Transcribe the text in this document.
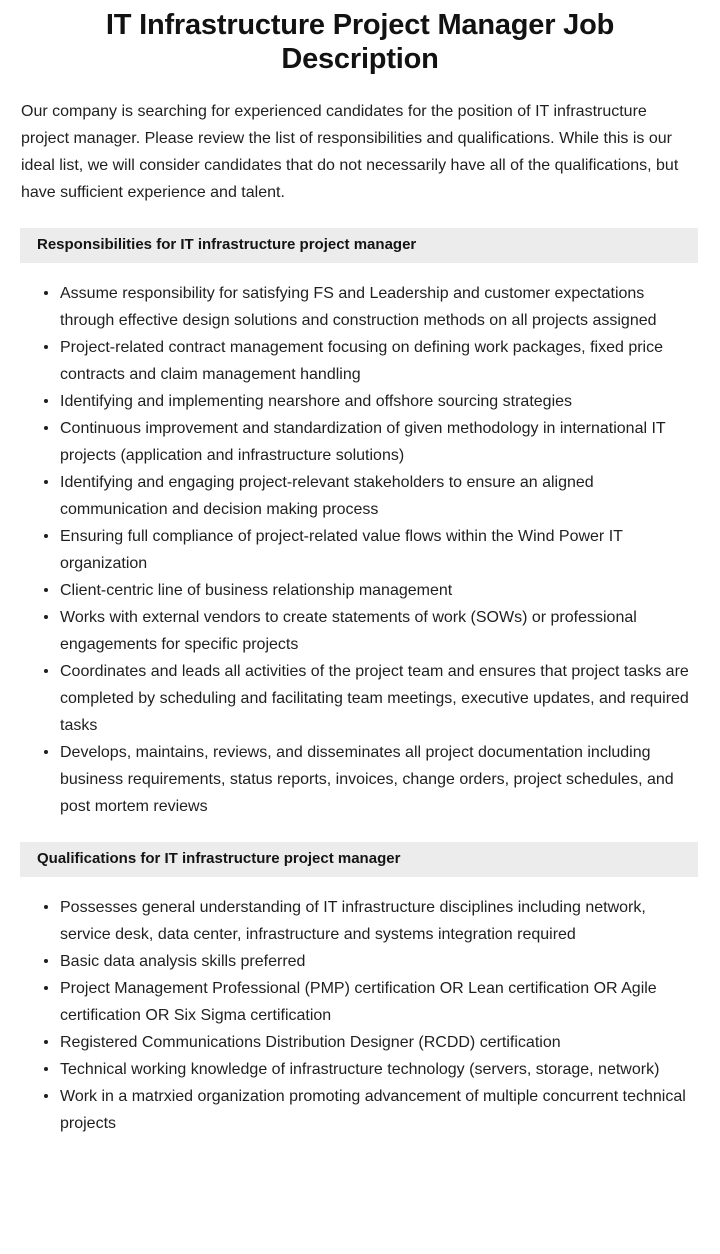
IT Infrastructure Project Manager Job Description

Our company is searching for experienced candidates for the position of IT infrastructure project manager. Please review the list of responsibilities and qualifications. While this is our ideal list, we will consider candidates that do not necessarily have all of the qualifications, but have sufficient experience and talent.

Responsibilities for IT infrastructure project manager
Assume responsibility for satisfying FS and Leadership and customer expectations through effective design solutions and construction methods on all projects assigned
Project-related contract management focusing on defining work packages, fixed price contracts and claim management handling
Identifying and implementing nearshore and offshore sourcing strategies
Continuous improvement and standardization of given methodology in international IT projects (application and infrastructure solutions)
Identifying and engaging project-relevant stakeholders to ensure an aligned communication and decision making process
Ensuring full compliance of project-related value flows within the Wind Power IT organization
Client-centric line of business relationship management
Works with external vendors to create statements of work (SOWs) or professional engagements for specific projects
Coordinates and leads all activities of the project team and ensures that project tasks are completed by scheduling and facilitating team meetings, executive updates, and required tasks
Develops, maintains, reviews, and disseminates all project documentation including business requirements, status reports, invoices, change orders, project schedules, and post mortem reviews
Qualifications for IT infrastructure project manager
Possesses general understanding of IT infrastructure disciplines including network, service desk, data center, infrastructure and systems integration required
Basic data analysis skills preferred
Project Management Professional (PMP) certification OR Lean certification OR Agile certification OR Six Sigma certification
Registered Communications Distribution Designer (RCDD) certification
Technical working knowledge of infrastructure technology (servers, storage, network)
Work in a matrxied organization promoting advancement of multiple concurrent technical projects
